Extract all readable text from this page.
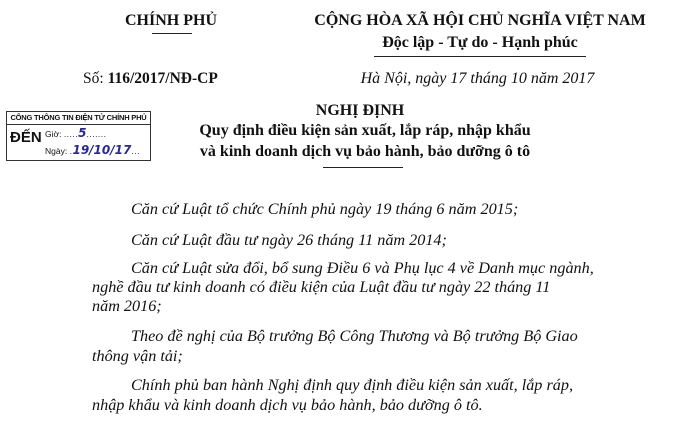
CHÍNH PHỦ	CỘNG HÒA XÃ HỘI CHỦ NGHĨA VIỆT NAM
Độc lập - Tự do - Hạnh phúc
Số: 116/2017/NĐ-CP	Hà Nội, ngày 17 tháng 10 năm 2017
CỔNG THÔNG TIN ĐIỆN TỬ CHÍNH PHỦ
ĐẾN Giờ: .....5.......
Ngày: .19/10/17...
NGHỊ ĐỊNH
Quy định điều kiện sản xuất, lắp ráp, nhập khẩu
và kinh doanh dịch vụ bảo hành, bảo dưỡng ô tô
Căn cứ Luật tổ chức Chính phủ ngày 19 tháng 6 năm 2015;
Căn cứ Luật đầu tư ngày 26 tháng 11 năm 2014;
Căn cứ Luật sửa đổi, bổ sung Điều 6 và Phụ lục 4 về Danh mục ngành,
nghề đầu tư kinh doanh có điều kiện của Luật đầu tư ngày 22 tháng 11
năm 2016;
Theo đề nghị của Bộ trưởng Bộ Công Thương và Bộ trưởng Bộ Giao
thông vận tải;
Chính phủ ban hành Nghị định quy định điều kiện sản xuất, lắp ráp,
nhập khẩu và kinh doanh dịch vụ bảo hành, bảo dưỡng ô tô.
